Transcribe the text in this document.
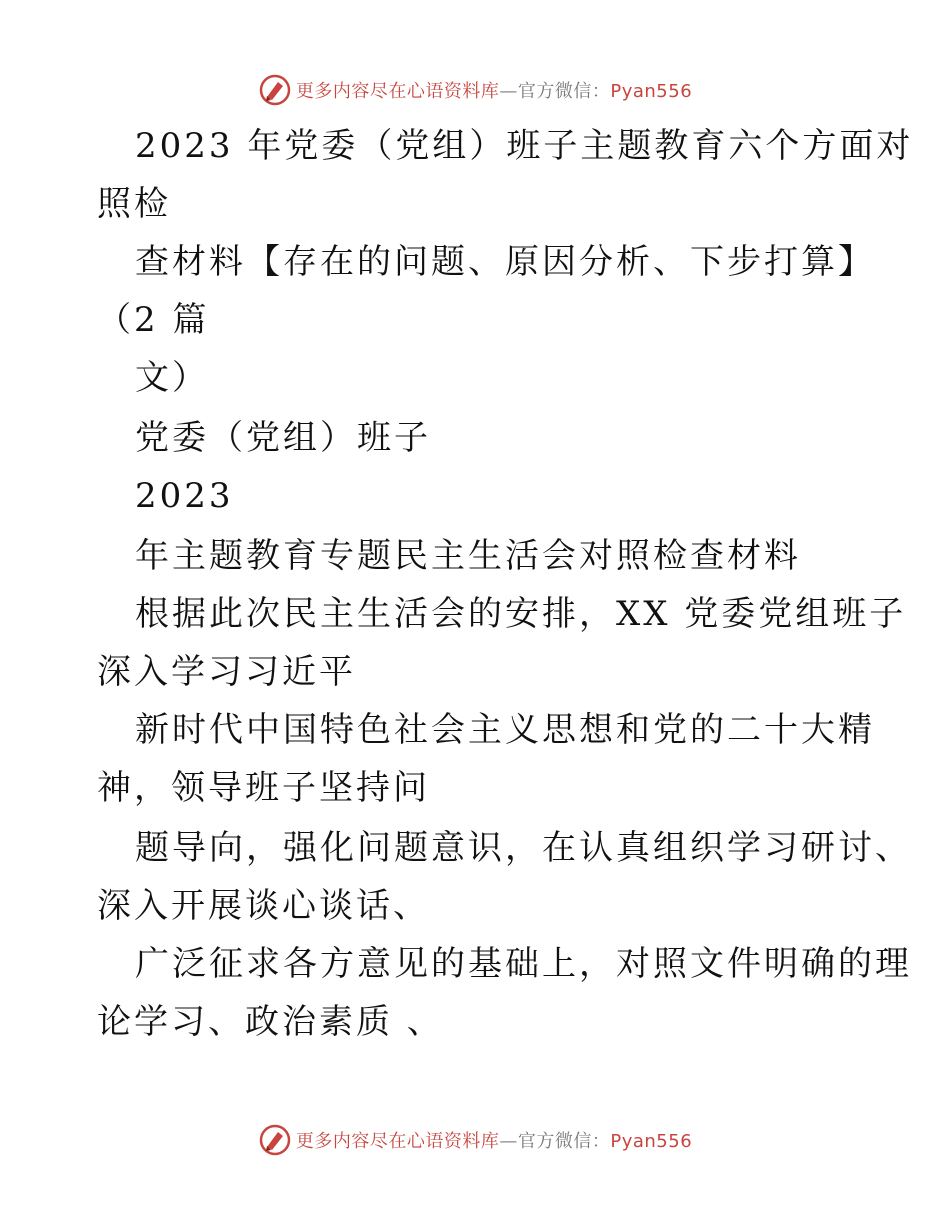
更多内容尽在心语资料库—官方微信：Pyan556
2023 年党委（党组）班子主题教育六个方面对
照检
查材料【存在的问题、原因分析、下步打算】
（2 篇
文）
党委（党组）班子
2023
年主题教育专题民主生活会对照检查材料
根据此次民主生活会的安排，XX 党委党组班子
深入学习习近平
新时代中国特色社会主义思想和党的二十大精
神，领导班子坚持问
题导向，强化问题意识，在认真组织学习研讨、
深入开展谈心谈话、
广泛征求各方意见的基础上，对照文件明确的理
论学习、政治素质 、
更多内容尽在心语资料库—官方微信：Pyan556
